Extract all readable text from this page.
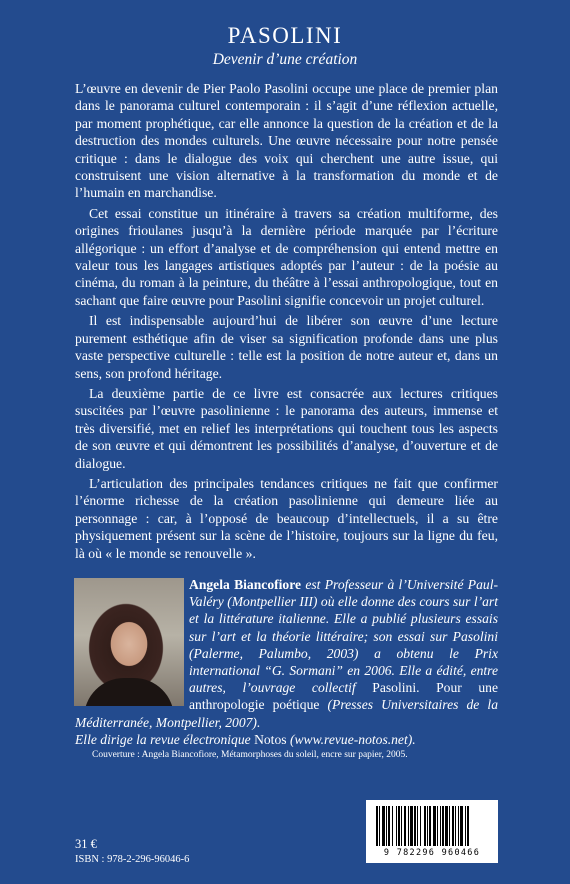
PASOLINI
Devenir d’une création

L’œuvre en devenir de Pier Paolo Pasolini occupe une place de premier plan dans le panorama culturel contemporain : il s’agit d’une réflexion actuelle, par moment prophétique, car elle annonce la question de la création et de la destruction des mondes culturels. Une œuvre nécessaire pour notre pensée critique : dans le dialogue des voix qui cherchent une autre issue, qui construisent une vision alternative à la transformation du monde et de l’humain en marchandise.

Cet essai constitue un itinéraire à travers sa création multiforme, des origines frioulanes jusqu’à la dernière période marquée par l’écriture allégorique : un effort d’analyse et de compréhension qui entend mettre en valeur tous les langages artistiques adoptés par l’auteur : de la poésie au cinéma, du roman à la peinture, du théâtre à l’essai anthropologique, tout en sachant que faire œuvre pour Pasolini signifie concevoir un projet culturel.

Il est indispensable aujourd’hui de libérer son œuvre d’une lecture purement esthétique afin de viser sa signification profonde dans une plus vaste perspective culturelle : telle est la position de notre auteur et, dans un sens, son profond héritage.

La deuxième partie de ce livre est consacrée aux lectures critiques suscitées par l’œuvre pasolinienne : le panorama des auteurs, immense et très diversifié, met en relief les interprétations qui touchent tous les aspects de son œuvre et qui démontrent les possibilités d’analyse, d’ouverture et de dialogue.

L’articulation des principales tendances critiques ne fait que confirmer l’énorme richesse de la création pasolinienne qui demeure liée au personnage : car, à l’opposé de beaucoup d’intellectuels, il a su être physiquement présent sur la scène de l’histoire, toujours sur la ligne du feu, là où « le monde se renouvelle ».

Angela Biancofiore est Professeur à l’Université Paul-Valéry (Montpellier III) où elle donne des cours sur l’art et la littérature italienne. Elle a publié plusieurs essais sur l’art et la théorie littéraire; son essai sur Pasolini (Palerme, Palumbo, 2003) a obtenu le Prix international “G. Sormani” en 2006. Elle a édité, entre autres, l’ouvrage collectif Pasolini. Pour une anthropologie poétique (Presses Universitaires de la Méditerranée, Montpellier, 2007).
Elle dirige la revue électronique Notos (www.revue-notos.net).
Couverture : Angela Biancofiore, Métamorphoses du soleil, encre sur papier, 2005.
31 €
ISBN : 978-2-296-96046-6
9 782296 960466
